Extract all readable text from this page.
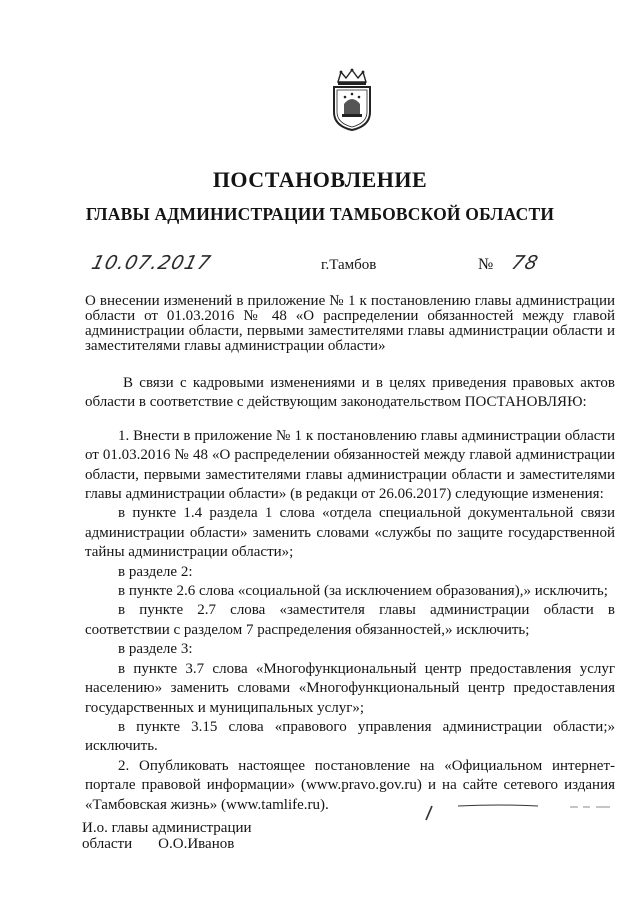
ПОСТАНОВЛЕНИЕ
ГЛАВЫ АДМИНИСТРАЦИИ ТАМБОВСКОЙ ОБЛАСТИ
10.07.2017	г.Тамбов	№ 78

О внесении изменений в приложение № 1 к постановлению главы администрации области от 01.03.2016 № 48 «О распределении обязанностей между главой администрации области, первыми заместителями главы администрации области и заместителями главы администрации области»

В связи с кадровыми изменениями и в целях приведения правовых актов области в соответствие с действующим законодательством ПОСТАНОВЛЯЮ:

1. Внести в приложение № 1 к постановлению главы администрации области от 01.03.2016 № 48 «О распределении обязанностей между главой администрации области, первыми заместителями главы администрации области и заместителями главы администрации области» (в редакци от 26.06.2017) следующие изменения:

в пункте 1.4 раздела 1 слова «отдела специальной документальной связи администрации области» заменить словами «службы по защите государственной тайны администрации области»;

в разделе 2:

в пункте 2.6 слова «социальной (за исключением образования),» исключить;

в пункте 2.7 слова «заместителя главы администрации области в соответствии с разделом 7 распределения обязанностей,» исключить;

в разделе 3:

в пункте 3.7 слова «Многофункциональный центр предоставления услуг населению» заменить словами «Многофункциональный центр предоставления государственных и муниципальных услуг»;

в пункте 3.15 слова «правового управления администрации области;» исключить.

2. Опубликовать настоящее постановление на «Официальном интернет-портале правовой информации» (www.pravo.gov.ru) и на сайте сетевого издания «Тамбовская жизнь» (www.tamlife.ru).

И.о. главы администрации
области О.О.Иванов
